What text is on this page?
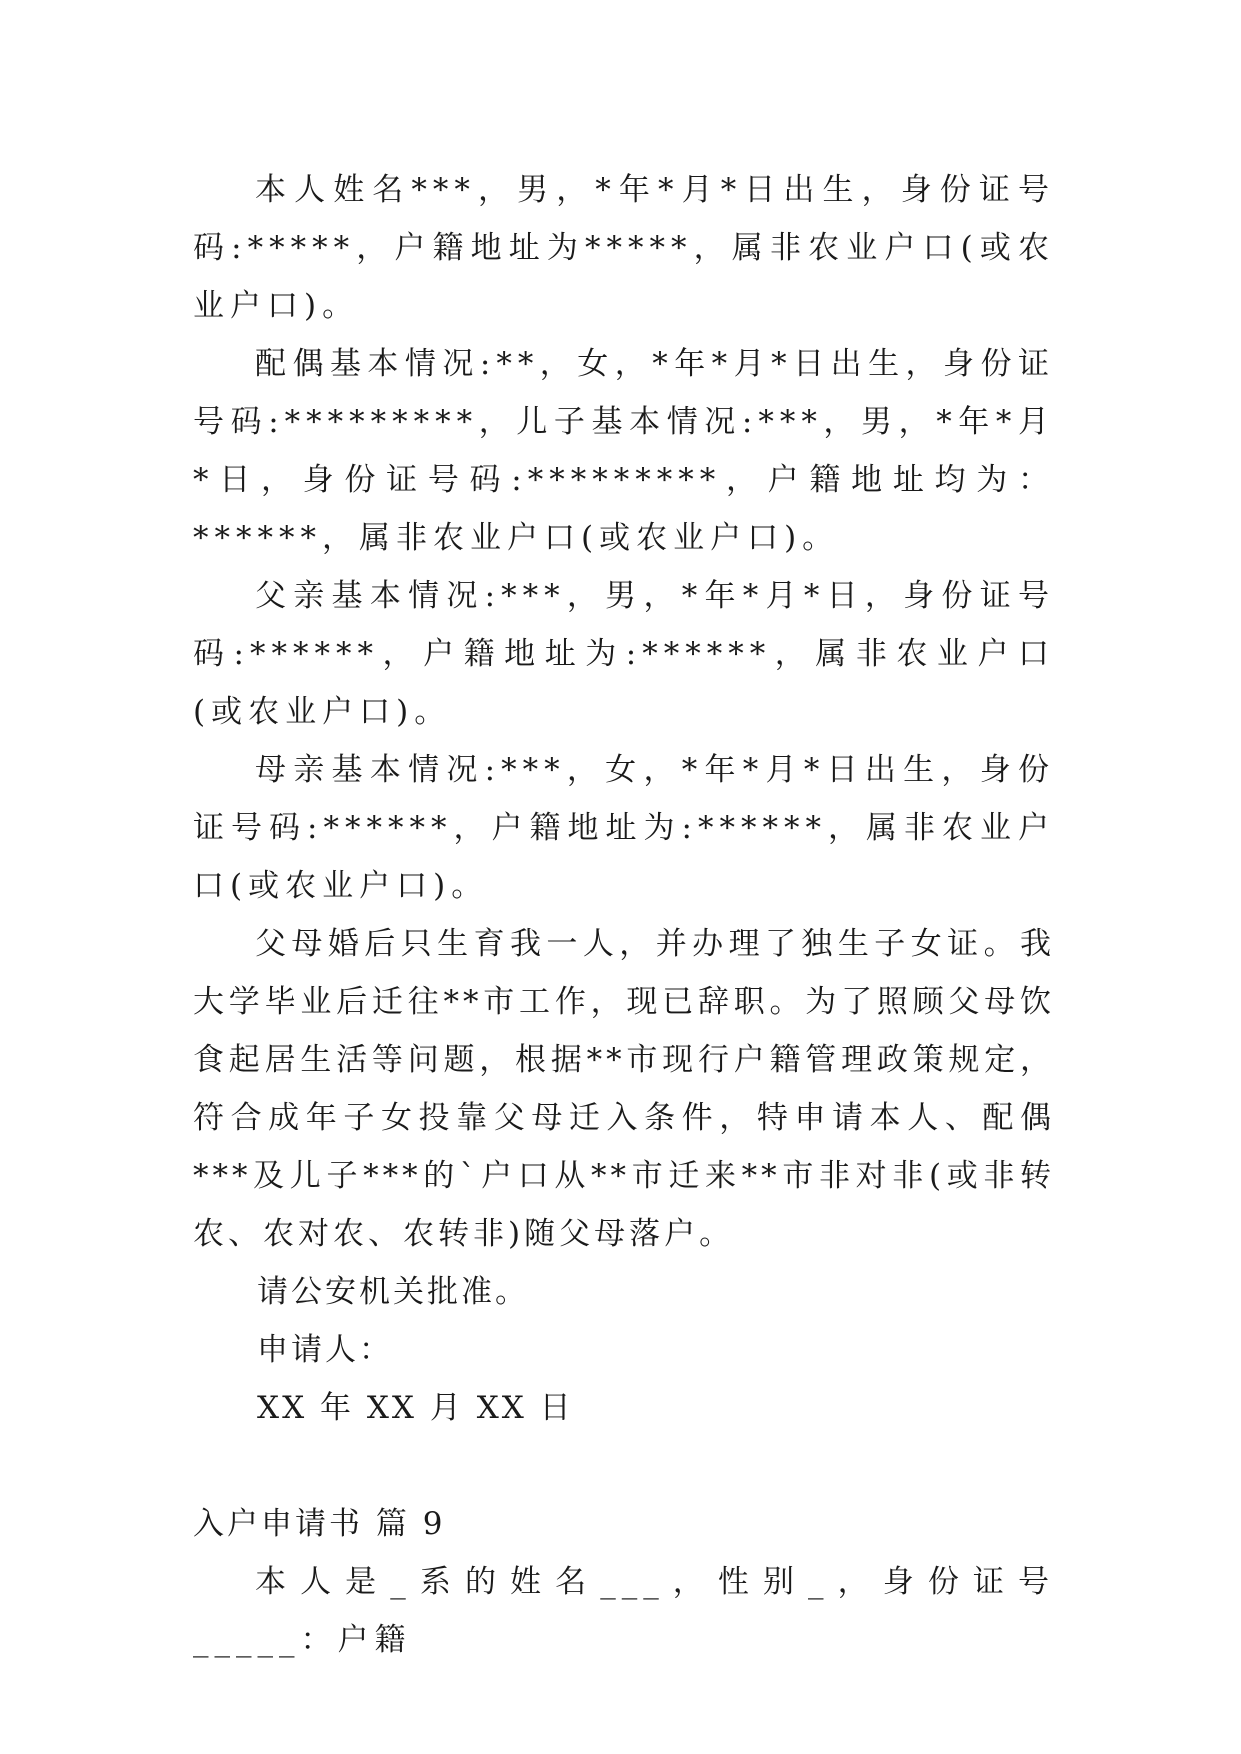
本人姓名***，男，*年*月*日出生，身份证号码:*****，户籍地址为*****，属非农业户口(或农业户口)。

配偶基本情况:**，女，*年*月*日出生，身份证号码:*********，儿子基本情况:***，男，*年*月*日，身份证号码:*********，户籍地址均为：******，属非农业户口(或农业户口)。

父亲基本情况:***，男，*年*月*日，身份证号码:******，户籍地址为:******，属非农业户口(或农业户口)。

母亲基本情况:***，女，*年*月*日出生，身份证号码:******，户籍地址为:******，属非农业户口(或农业户口)。

父母婚后只生育我一人，并办理了独生子女证。我大学毕业后迁往**市工作，现已辞职。为了照顾父母饮食起居生活等问题，根据**市现行户籍管理政策规定，符合成年子女投靠父母迁入条件，特申请本人、配偶***及儿子***的`户口从**市迁来**市非对非(或非转农、农对农、农转非)随父母落户。

请公安机关批准。

申请人：

XX 年 XX 月 XX 日

入户申请书 篇 9

本人是_系的姓名___，性别_，身份证号_____：户籍
